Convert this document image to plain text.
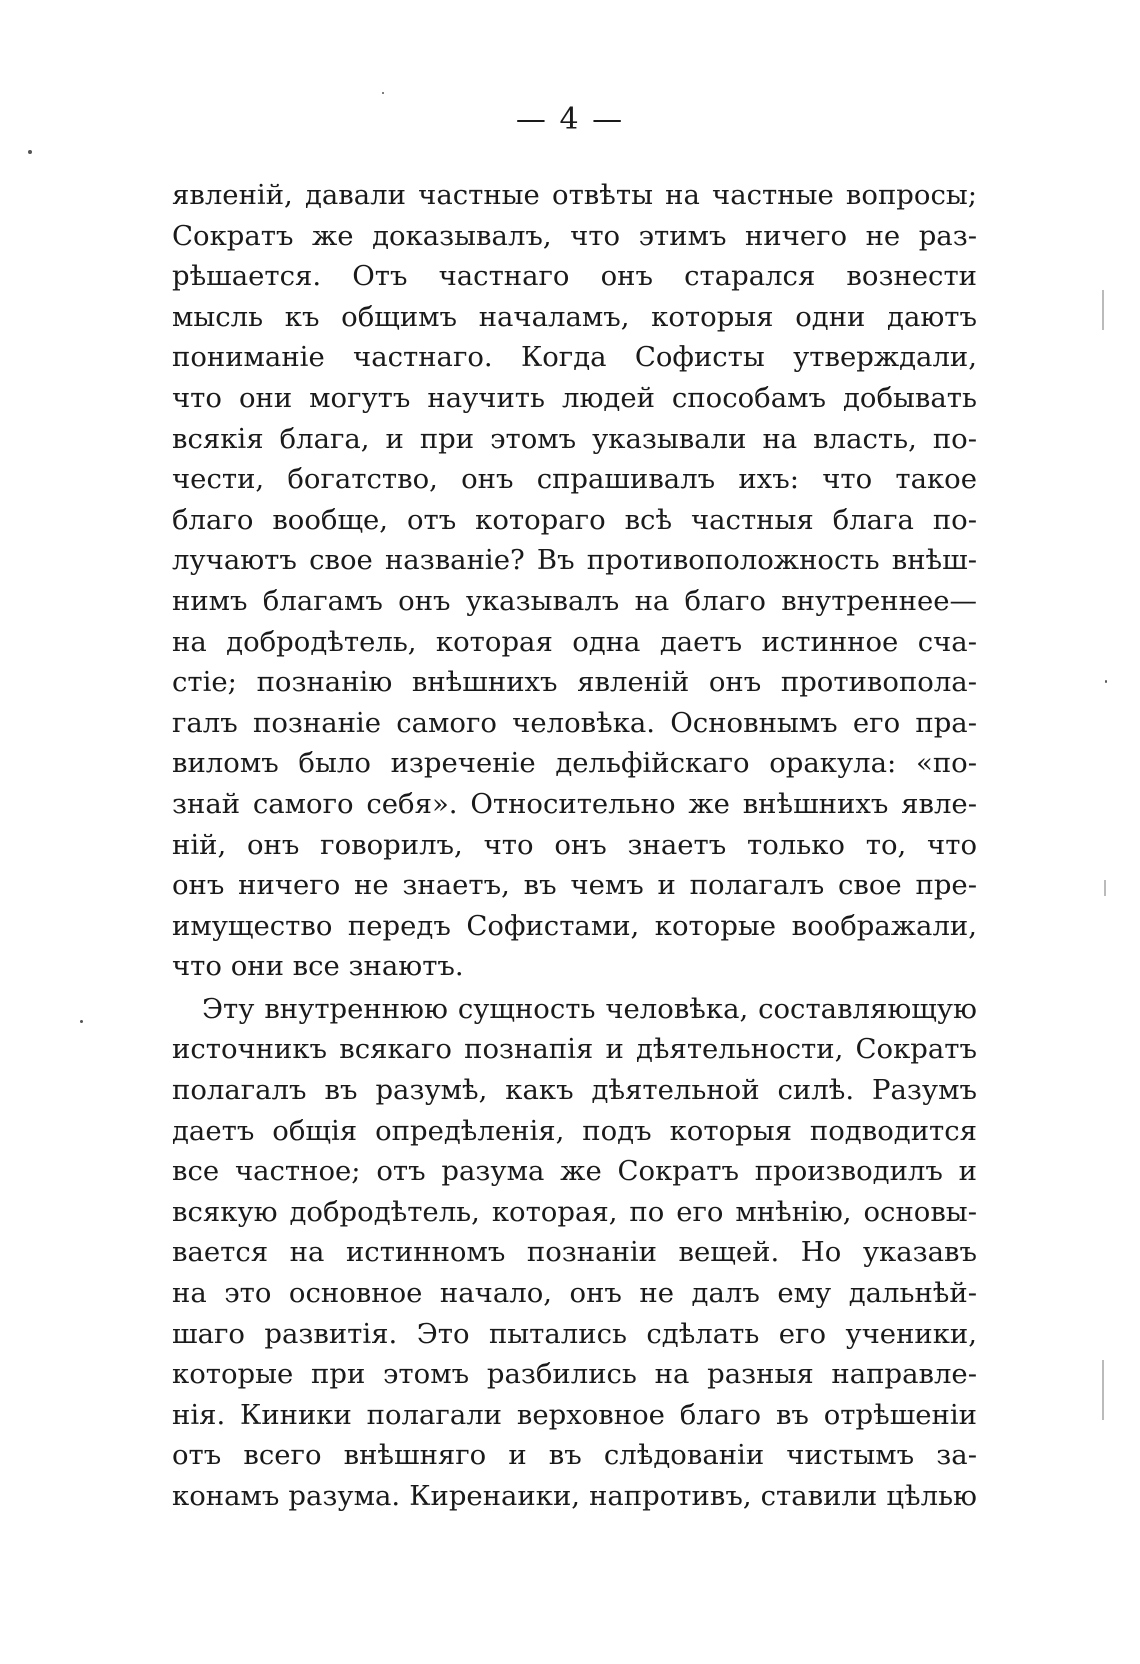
— 4 —
явленій, давали частные отвѣты на частные вопросы;
Сократъ же доказывалъ, что этимъ ничего не раз-
рѣшается. Отъ частнаго онъ старался вознести
мысль къ общимъ началамъ, которыя одни даютъ
пониманіе частнаго. Когда Софисты утверждали,
что они могутъ научить людей способамъ добывать
всякія блага, и при этомъ указывали на власть, по-
чести, богатство, онъ спрашивалъ ихъ: что такое
благо вообще, отъ котораго всѣ частныя блага по-
лучаютъ свое названіе? Въ противоположность внѣш-
нимъ благамъ онъ указывалъ на благо внутреннее—
на добродѣтель, которая одна даетъ истинное сча-
стіе; познанію внѣшнихъ явленій онъ противопола-
галъ познаніе самого человѣка. Основнымъ его пра-
виломъ было изреченіе дельфійскаго оракула: «по-
знай самого себя». Относительно же внѣшнихъ явле-
ній, онъ говорилъ, что онъ знаетъ только то, что
онъ ничего не знаетъ, въ чемъ и полагалъ свое пре-
имущество передъ Софистами, которые воображали,
что они все знаютъ.
Эту внутреннюю сущность человѣка, составляющую
источникъ всякаго познапія и дѣятельности, Сократъ
полагалъ въ разумѣ, какъ дѣятельной силѣ. Разумъ
даетъ общія опредѣленія, подъ которыя подводится
все частное; отъ разума же Сократъ производилъ и
всякую добродѣтель, которая, по его мнѣнію, основы-
вается на истинномъ познаніи вещей. Но указавъ
на это основное начало, онъ не далъ ему дальнѣй-
шаго развитія. Это пытались сдѣлать его ученики,
которые при этомъ разбились на разныя направле-
нія. Киники полагали верховное благо въ отрѣшеніи
отъ всего внѣшняго и въ слѣдованіи чистымъ за-
конамъ разума. Киренаики, напротивъ, ставили цѣлью
